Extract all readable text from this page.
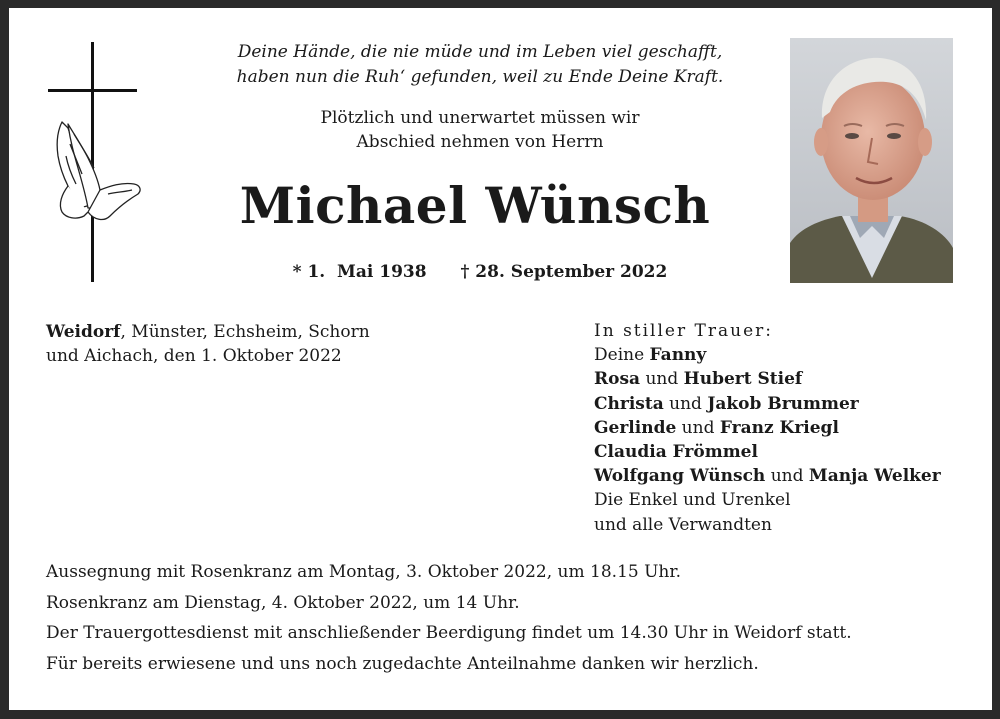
Deine Hände, die nie müde und im Leben viel geschafft,
haben nun die Ruh‘ gefunden, weil zu Ende Deine Kraft.
Plötzlich und unerwartet müssen wir
Abschied nehmen von Herrn
Michael Wünsch
* 1.  Mai 1938 † 28. September 2022
Weidorf, Münster, Echsheim, Schorn
und Aichach, den 1. Oktober 2022
In stiller Trauer:
Deine Fanny
Rosa und Hubert Stief
Christa und Jakob Brummer
Gerlinde und Franz Kriegl
Claudia Frömmel
Wolfgang Wünsch und Manja Welker
Die Enkel und Urenkel
und alle Verwandten
Aussegnung mit Rosenkranz am Montag, 3. Oktober 2022, um 18.15 Uhr.
Rosenkranz am Dienstag, 4. Oktober 2022, um 14 Uhr.
Der Trauergottesdienst mit anschließender Beerdigung findet um 14.30 Uhr in Weidorf statt.
Für bereits erwiesene und uns noch zugedachte Anteilnahme danken wir herzlich.
